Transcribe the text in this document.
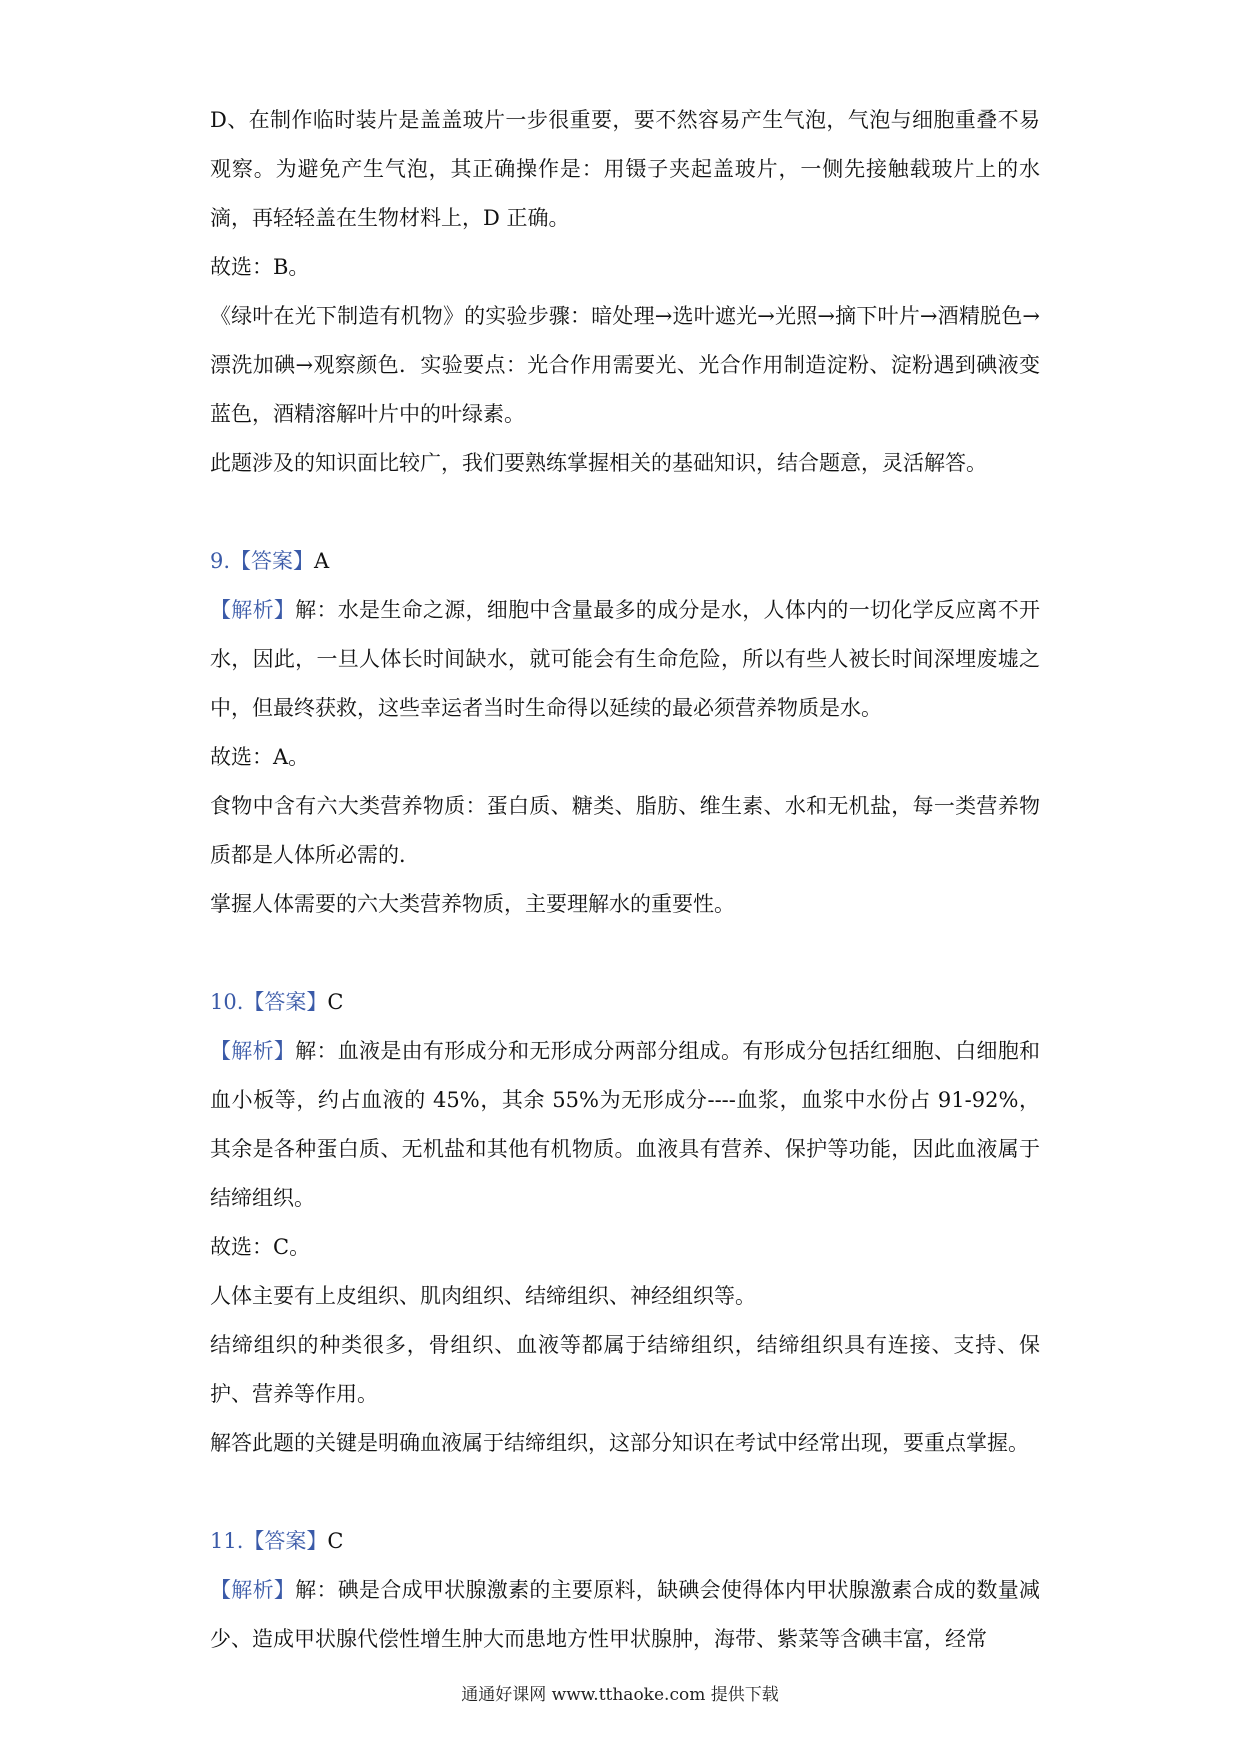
D、在制作临时装片是盖盖玻片一步很重要，要不然容易产生气泡，气泡与细胞重叠不易观察。为避免产生气泡，其正确操作是：用镊子夹起盖玻片，一侧先接触载玻片上的水滴，再轻轻盖在生物材料上，D 正确。

故选：B。

《绿叶在光下制造有机物》的实验步骤：暗处理→选叶遮光→光照→摘下叶片→酒精脱色→漂洗加碘→观察颜色．实验要点：光合作用需要光、光合作用制造淀粉、淀粉遇到碘液变蓝色，酒精溶解叶片中的叶绿素。

此题涉及的知识面比较广，我们要熟练掌握相关的基础知识，结合题意，灵活解答。

9.【答案】A

【解析】解：水是生命之源，细胞中含量最多的成分是水，人体内的一切化学反应离不开水，因此，一旦人体长时间缺水，就可能会有生命危险，所以有些人被长时间深埋废墟之中，但最终获救，这些幸运者当时生命得以延续的最必须营养物质是水。

故选：A。

食物中含有六大类营养物质：蛋白质、糖类、脂肪、维生素、水和无机盐，每一类营养物质都是人体所必需的．

掌握人体需要的六大类营养物质，主要理解水的重要性。

10.【答案】C

【解析】解：血液是由有形成分和无形成分两部分组成。有形成分包括红细胞、白细胞和血小板等，约占血液的 45%，其余 55%为无形成分----血浆，血浆中水份占 91-92%，其余是各种蛋白质、无机盐和其他有机物质。血液具有营养、保护等功能，因此血液属于结缔组织。

故选：C。

人体主要有上皮组织、肌肉组织、结缔组织、神经组织等。

结缔组织的种类很多，骨组织、血液等都属于结缔组织，结缔组织具有连接、支持、保护、营养等作用。

解答此题的关键是明确血液属于结缔组织，这部分知识在考试中经常出现，要重点掌握。

11.【答案】C

【解析】解：碘是合成甲状腺激素的主要原料，缺碘会使得体内甲状腺激素合成的数量减少、造成甲状腺代偿性增生肿大而患地方性甲状腺肿，海带、紫菜等含碘丰富，经常

通通好课网 www.tthaoke.com 提供下载
